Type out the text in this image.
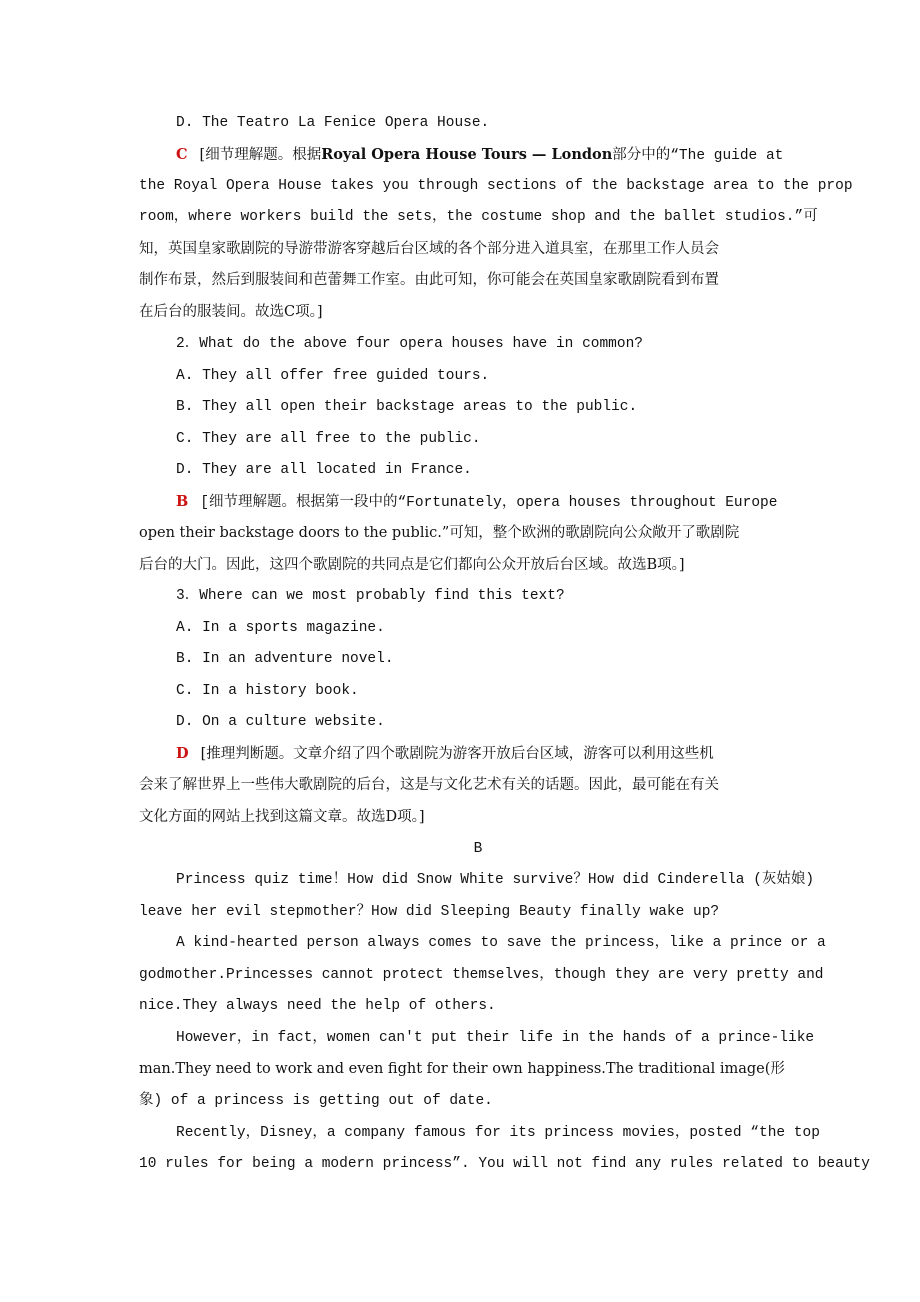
D. The Teatro La Fenice Opera House.
C [细节理解题。根据Royal Opera House Tours — London部分中的“The guide at
the Royal Opera House takes you through sections of the backstage area to the prop
room，where workers build the sets，the costume shop and the ballet studios.”可
知，英国皇家歌剧院的导游带游客穿越后台区域的各个部分进入道具室，在那里工作人员会
制作布景，然后到服装间和芭蕾舞工作室。由此可知，你可能会在英国皇家歌剧院看到布置
在后台的服装间。故选C项。]
2．What do the above four opera houses have in common?
A. They all offer free guided tours.
B. They all open their backstage areas to the public.
C. They are all free to the public.
D. They are all located in France.
B [细节理解题。根据第一段中的“Fortunately，opera houses throughout Europe
open their backstage doors to the public.”可知，整个欧洲的歌剧院向公众敞开了歌剧院
后台的大门。因此，这四个歌剧院的共同点是它们都向公众开放后台区域。故选B项。]
3．Where can we most probably find this text?
A. In a sports magazine.
B. In an adventure novel.
C. In a history book.
D. On a culture website.
D [推理判断题。文章介绍了四个歌剧院为游客开放后台区域，游客可以利用这些机
会来了解世界上一些伟大歌剧院的后台，这是与文化艺术有关的话题。因此，最可能在有关
文化方面的网站上找到这篇文章。故选D项。]
B
Princess quiz time！How did Snow White survive？How did Cinderella (灰姑娘)
leave her evil stepmother？How did Sleeping Beauty finally wake up?
A kind-hearted person always comes to save the princess，like a prince or a
godmother.Princesses cannot protect themselves，though they are very pretty and
nice.They always need the help of others.
However，in fact，women can't put their life in the hands of a prince-like
man.They need to work and even fight for their own happiness.The traditional image(形
象) of a princess is getting out of date.
Recently，Disney，a company famous for its princess movies，posted “the top
10 rules for being a modern princess”. You will not find any rules related to beauty
